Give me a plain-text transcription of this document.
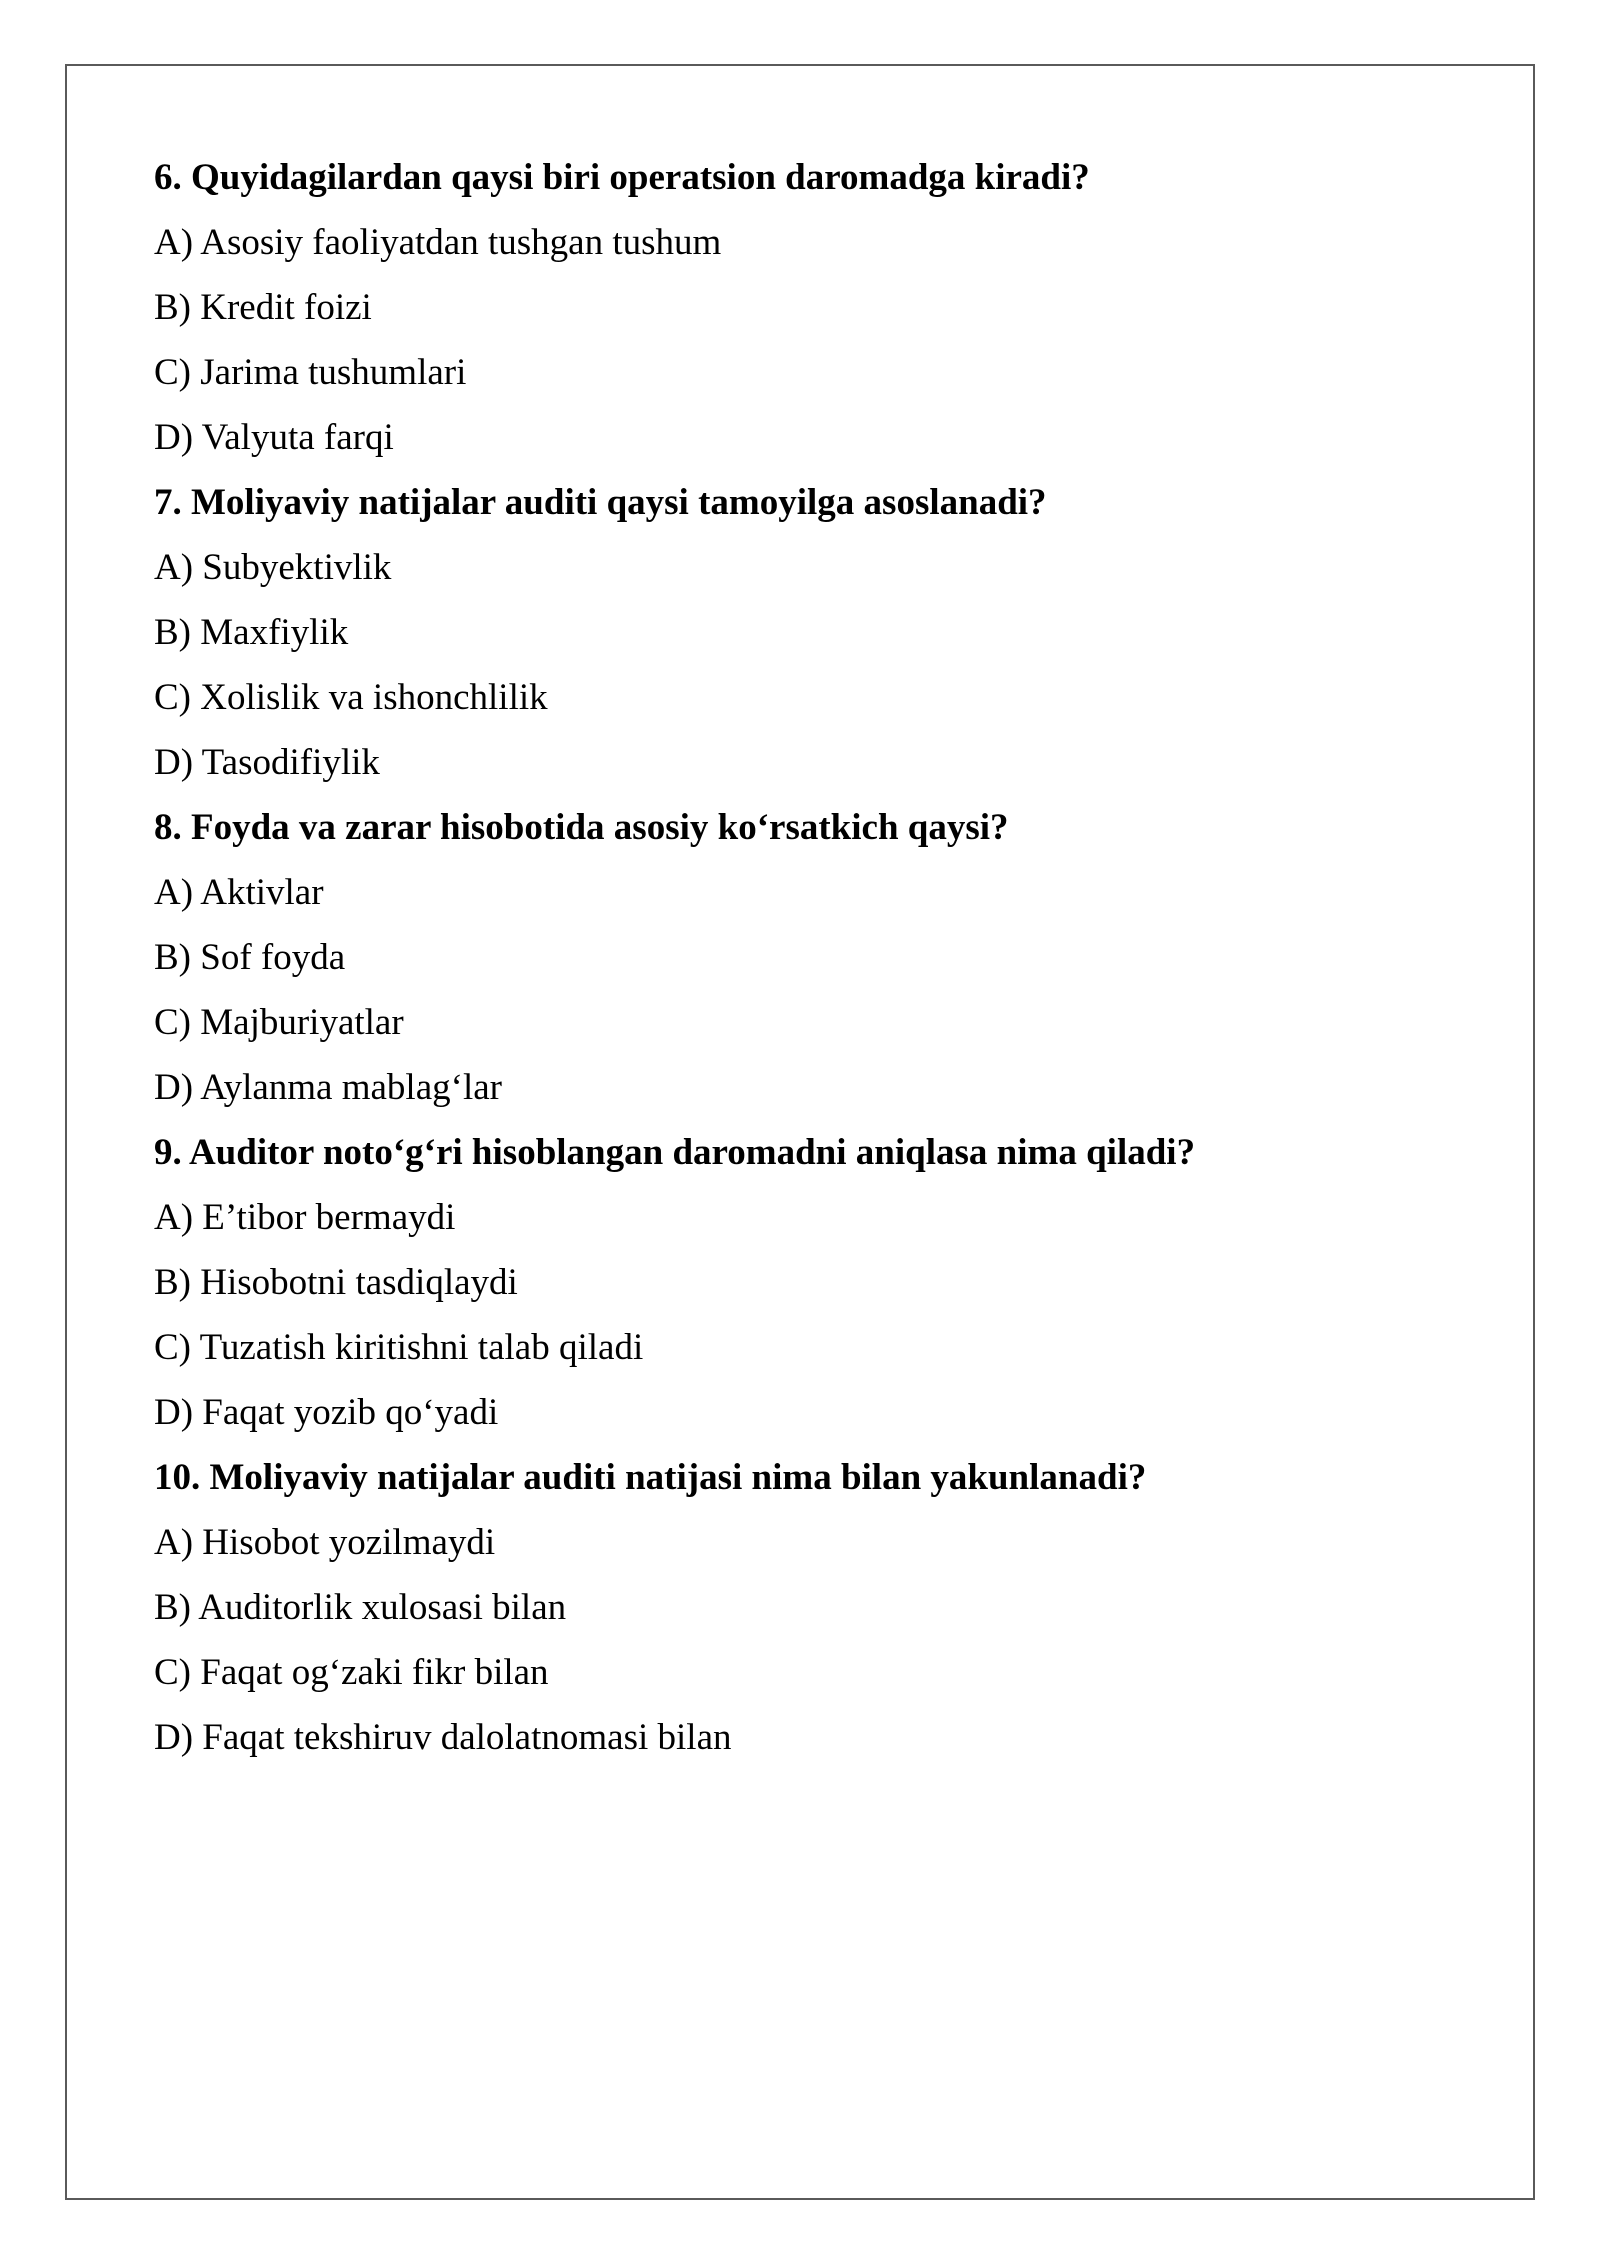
6. Quyidagilardan qaysi biri operatsion daromadga kiradi?

A) Asosiy faoliyatdan tushgan tushum
B) Kredit foizi
C) Jarima tushumlari
D) Valyuta farqi

7. Moliyaviy natijalar auditi qaysi tamoyilga asoslanadi?

A) Subyektivlik
B) Maxfiylik
C) Xolislik va ishonchlilik
D) Tasodifiylik

8. Foyda va zarar hisobotida asosiy ko‘rsatkich qaysi?

A) Aktivlar
B) Sof foyda
C) Majburiyatlar
D) Aylanma mablag‘lar

9. Auditor noto‘g‘ri hisoblangan daromadni aniqlasa nima qiladi?

A) E’tibor bermaydi
B) Hisobotni tasdiqlaydi
C) Tuzatish kiritishni talab qiladi
D) Faqat yozib qo‘yadi

10. Moliyaviy natijalar auditi natijasi nima bilan yakunlanadi?

A) Hisobot yozilmaydi
B) Auditorlik xulosasi bilan
C) Faqat og‘zaki fikr bilan
D) Faqat tekshiruv dalolatnomasi bilan
